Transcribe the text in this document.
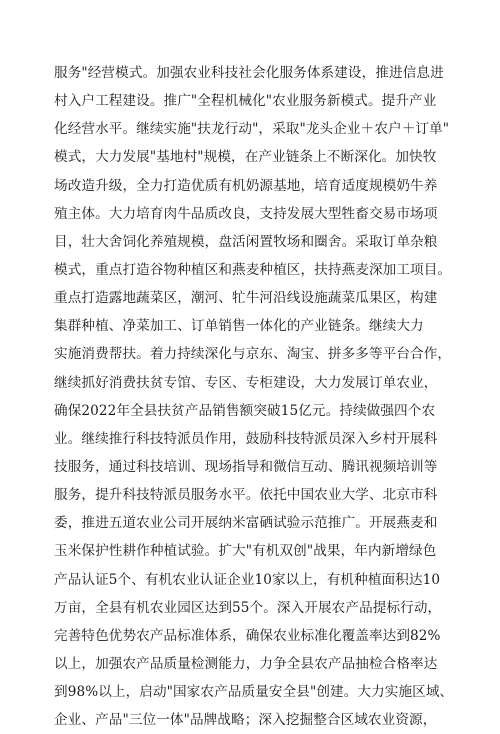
服务"经营模式。加强农业科技社会化服务体系建设，推进信息进
村入户工程建设。推广"全程机械化"农业服务新模式。提升产业
化经营水平。继续实施"扶龙行动"，采取"龙头企业＋农户＋订单"
模式，大力发展"基地村"规模，在产业链条上不断深化。加快牧
场改造升级，全力打造优质有机奶源基地，培育适度规模奶牛养
殖主体。大力培育肉牛品质改良，支持发展大型牲畜交易市场项
目，壮大舍饲化养殖规模，盘活闲置牧场和圈舍。采取订单杂粮
模式，重点打造谷物种植区和燕麦种植区，扶持燕麦深加工项目。
重点打造露地蔬菜区，潮河、牤牛河沿线设施蔬菜瓜果区，构建
集群种植、净菜加工、订单销售一体化的产业链条。继续大力
实施消费帮扶。着力持续深化与京东、淘宝、拼多多等平台合作，
继续抓好消费扶贫专馆、专区、专柜建设，大力发展订单农业，
确保2022年全县扶贫产品销售额突破15亿元。持续做强四个农
业。继续推行科技特派员作用，鼓励科技特派员深入乡村开展科
技服务，通过科技培训、现场指导和微信互动、腾讯视频培训等
服务，提升科技特派员服务水平。依托中国农业大学、北京市科
委，推进五道农业公司开展纳米富硒试验示范推广。开展燕麦和
玉米保护性耕作种植试验。扩大"有机双创"战果，年内新增绿色
产品认证5个、有机农业认证企业10家以上，有机种植面积达10
万亩，全县有机农业园区达到55个。深入开展农产品提标行动，
完善特色优势农产品标准体系，确保农业标准化覆盖率达到82%
以上，加强农产品质量检测能力，力争全县农产品抽检合格率达
到98%以上，启动"国家农产品质量安全县"创建。大力实施区域、
企业、产品"三位一体"品牌战略；深入挖掘整合区域农业资源，
